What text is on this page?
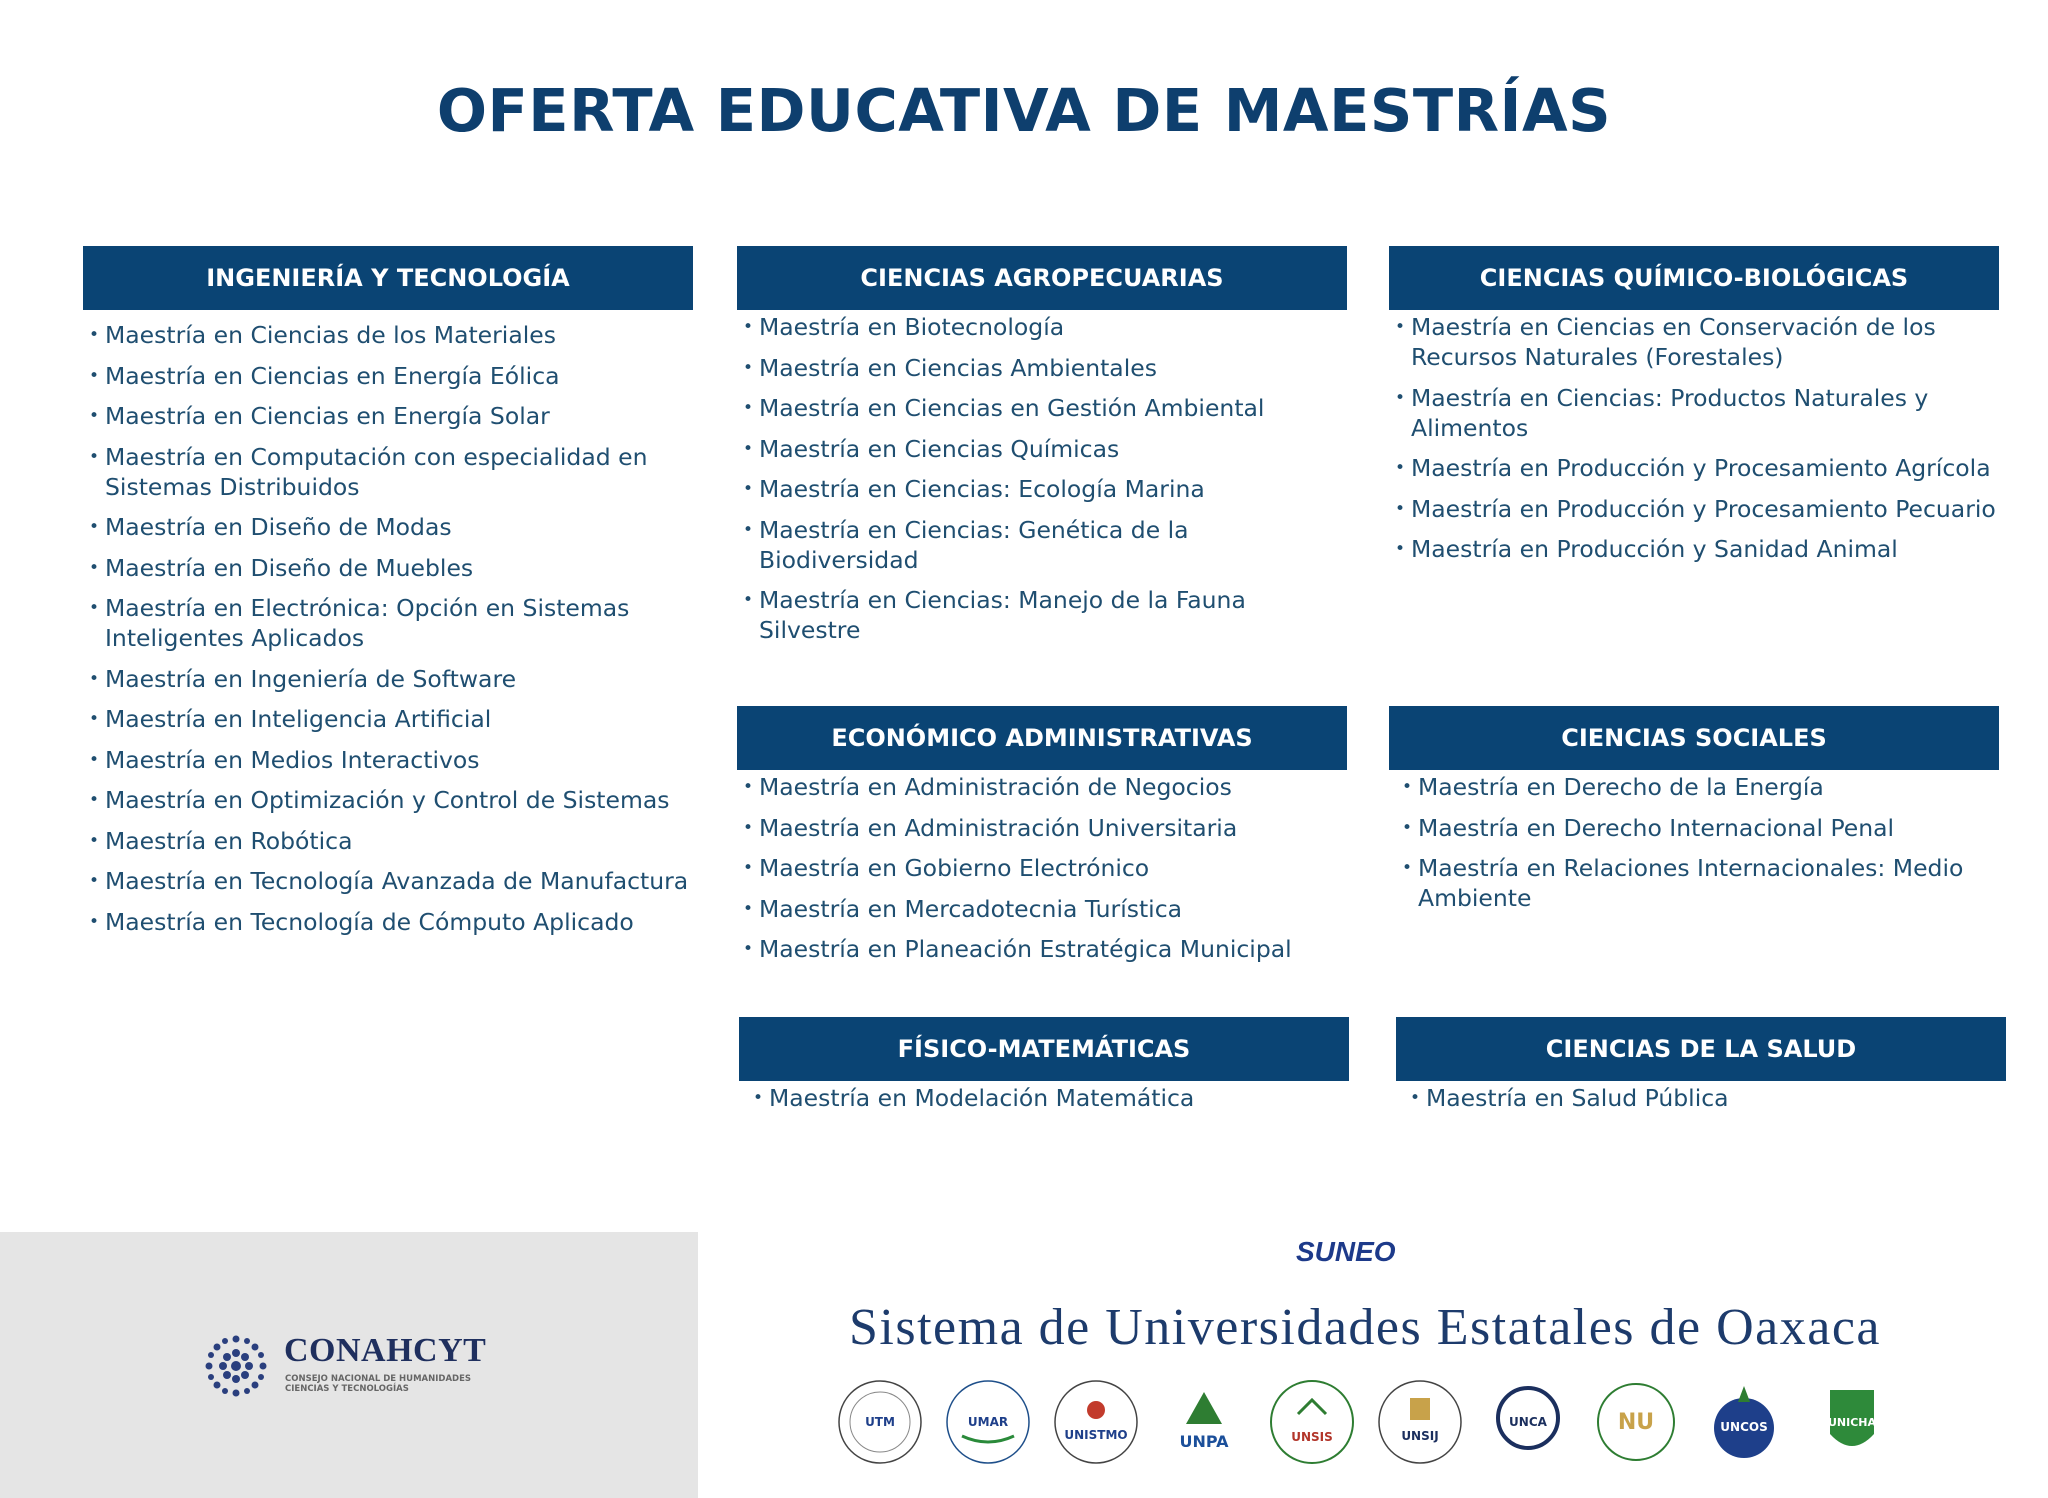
OFERTA EDUCATIVA DE MAESTRÍAS
INGENIERÍA Y TECNOLOGÍA
• Maestría en Ciencias de los Materiales
• Maestría en Ciencias en Energía Eólica
• Maestría en Ciencias en Energía Solar
• Maestría en Computación con especialidad en Sistemas Distribuidos
• Maestría en Diseño de Modas
• Maestría en Diseño de Muebles
• Maestría en Electrónica: Opción en Sistemas Inteligentes Aplicados
• Maestría en Ingeniería de Software
• Maestría en Inteligencia Artificial
• Maestría en Medios Interactivos
• Maestría en Optimización y Control de Sistemas
• Maestría en Robótica
• Maestría en Tecnología Avanzada de Manufactura
• Maestría en Tecnología de Cómputo Aplicado
CIENCIAS AGROPECUARIAS
• Maestría en Biotecnología
• Maestría en Ciencias Ambientales
• Maestría en Ciencias en Gestión Ambiental
• Maestría en Ciencias Químicas
• Maestría en Ciencias: Ecología Marina
• Maestría en Ciencias: Genética de la Biodiversidad
• Maestría en Ciencias: Manejo de la Fauna Silvestre
CIENCIAS QUÍMICO-BIOLÓGICAS
• Maestría en Ciencias en Conservación de los Recursos Naturales (Forestales)
• Maestría en Ciencias: Productos Naturales y Alimentos
• Maestría en Producción y Procesamiento Agrícola
• Maestría en Producción y Procesamiento Pecuario
• Maestría en Producción y Sanidad Animal
ECONÓMICO ADMINISTRATIVAS
• Maestría en Administración de Negocios
• Maestría en Administración Universitaria
• Maestría en Gobierno Electrónico
• Maestría en Mercadotecnia Turística
• Maestría en Planeación Estratégica Municipal
CIENCIAS SOCIALES
• Maestría en Derecho de la Energía
• Maestría en Derecho Internacional Penal
• Maestría en Relaciones Internacionales: Medio Ambiente
FÍSICO-MATEMÁTICAS
• Maestría en Modelación Matemática
CIENCIAS DE LA SALUD
• Maestría en Salud Pública
CONAHCYT
CONSEJO NACIONAL DE HUMANIDADES CIENCIAS Y TECNOLOGÍAS
SUNEO
Sistema de Universidades Estatales de Oaxaca
UTM	UMAR
UNISTMO	UNPA	UNSIS	UNSIJ
UNCA	NU	UNCOS	UNICHA
